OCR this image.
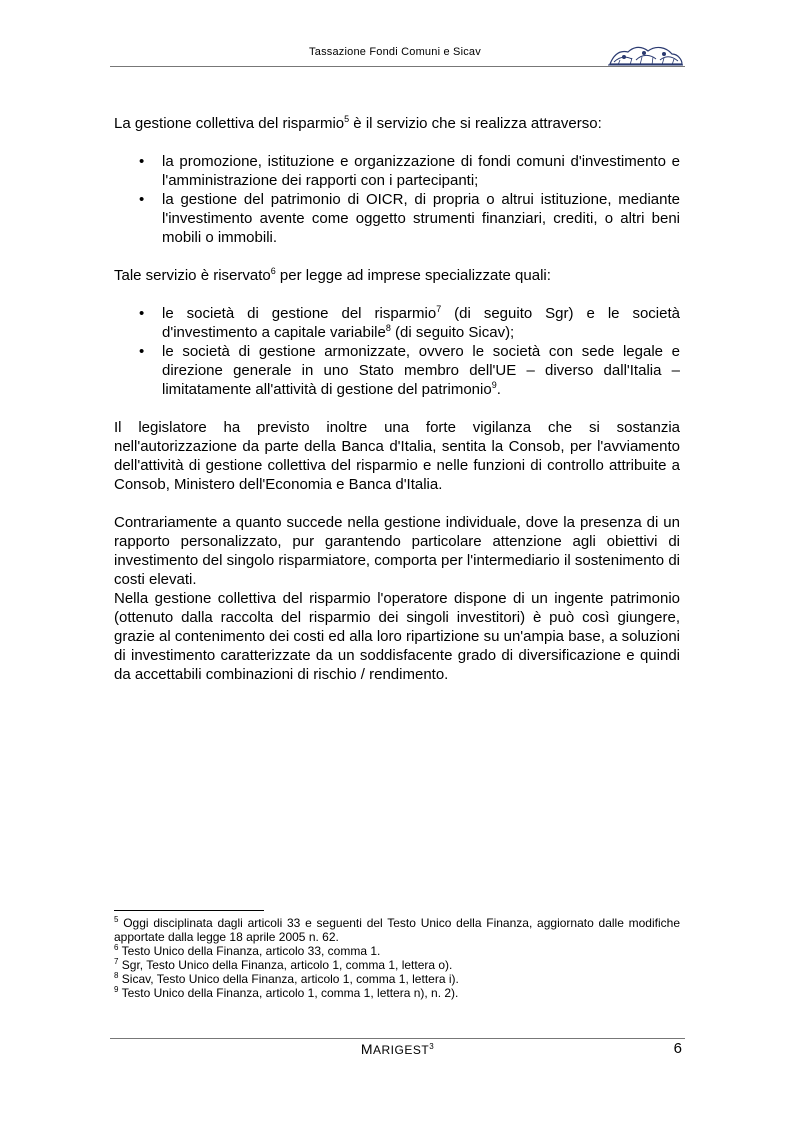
Tassazione Fondi Comuni e Sicav

La gestione collettiva del risparmio$^5$ è il servizio che si realizza attraverso:

• la promozione, istituzione e organizzazione di fondi comuni d'investimento e l'amministrazione dei rapporti con i partecipanti;
• la gestione del patrimonio di OICR, di propria o altrui istituzione, mediante l'investimento avente come oggetto strumenti finanziari, crediti, o altri beni mobili o immobili.

Tale servizio è riservato$^6$ per legge ad imprese specializzate quali:

• le società di gestione del risparmio$^7$ (di seguito Sgr) e le società d'investimento a capitale variabile$^8$ (di seguito Sicav);
• le società di gestione armonizzate, ovvero le società con sede legale e direzione generale in uno Stato membro dell'UE – diverso dall'Italia – limitatamente all'attività di gestione del patrimonio$^9$.

Il legislatore ha previsto inoltre una forte vigilanza che si sostanzia nell'autorizzazione da parte della Banca d'Italia, sentita la Consob, per l'avviamento dell'attività di gestione collettiva del risparmio e nelle funzioni di controllo attribuite a Consob, Ministero dell'Economia e Banca d'Italia.

Contrariamente a quanto succede nella gestione individuale, dove la presenza di un rapporto personalizzato, pur garantendo particolare attenzione agli obiettivi di investimento del singolo risparmiatore, comporta per l'intermediario il sostenimento di costi elevati.

Nella gestione collettiva del risparmio l'operatore dispone di un ingente patrimonio (ottenuto dalla raccolta del risparmio dei singoli investitori) è può così giungere, grazie al contenimento dei costi ed alla loro ripartizione su un'ampia base, a soluzioni di investimento caratterizzate da un soddisfacente grado di diversificazione e quindi da accettabili combinazioni di rischio / rendimento.

$^5$ Oggi disciplinata dagli articoli 33 e seguenti del Testo Unico della Finanza, aggiornato dalle modifiche apportate dalla legge 18 aprile 2005 n. 62.

$^6$ Testo Unico della Finanza, articolo 33, comma 1.

$^7$ Sgr, Testo Unico della Finanza, articolo 1, comma 1, lettera o).

$^8$ Sicav, Testo Unico della Finanza, articolo 1, comma 1, lettera i).

$^9$ Testo Unico della Finanza, articolo 1, comma 1, lettera n), n. 2).

MARIGEST$^3$	6
